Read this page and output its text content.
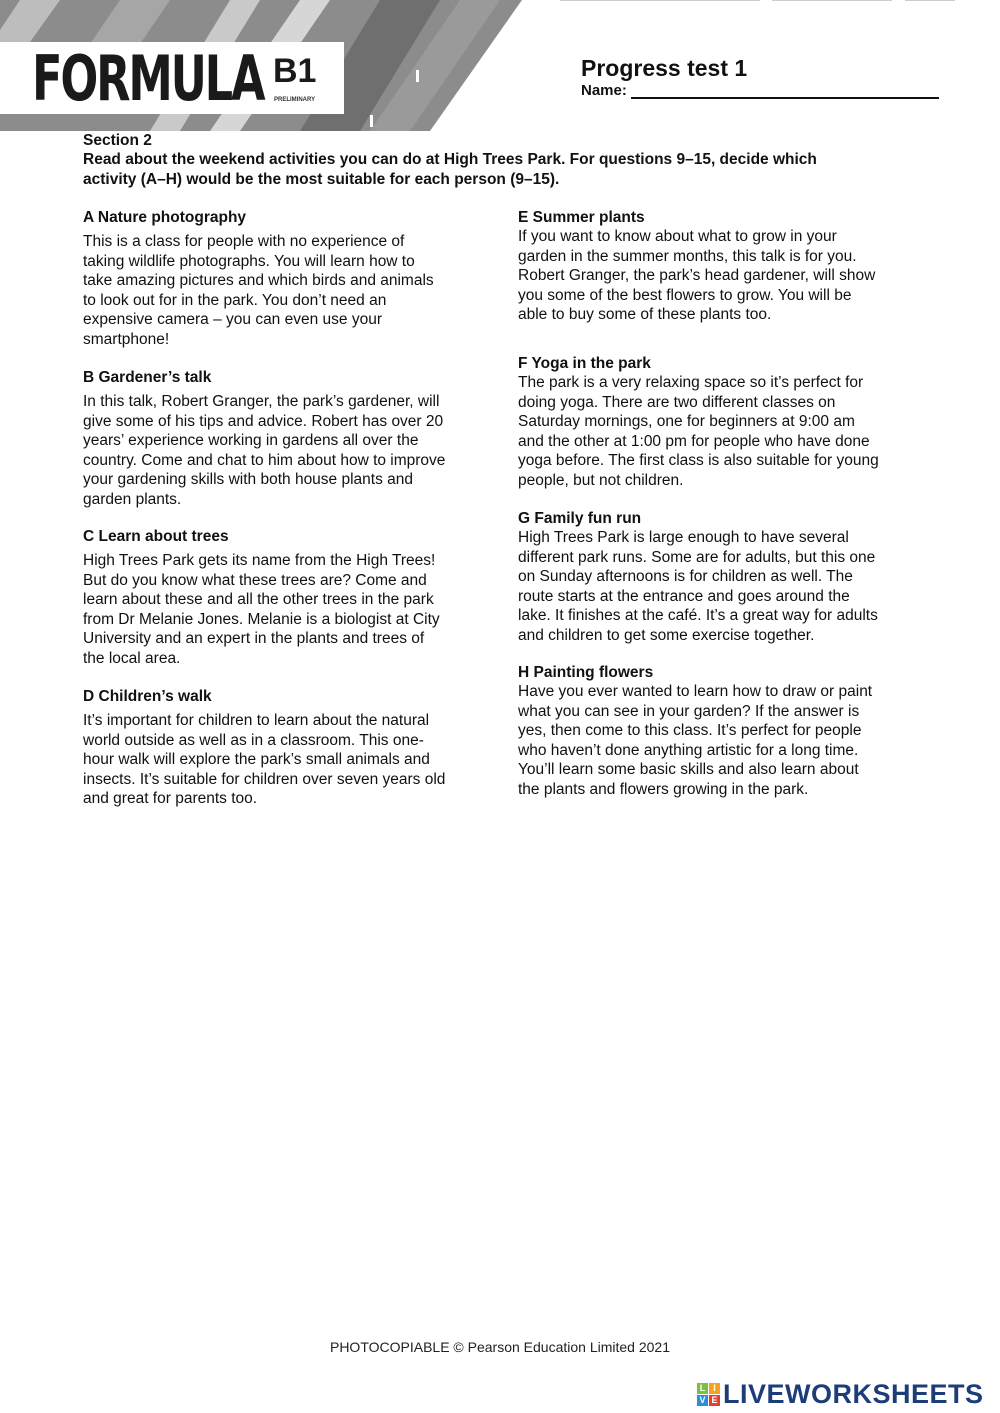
FORMULA B1
PRELIMINARY
Progress test 1
Name:
Section 2
Read about the weekend activities you can do at High Trees Park. For questions 9–15, decide which
activity (A–H) would be the most suitable for each person (9–15).
A Nature photography
This is a class for people with no experience of
taking wildlife photographs. You will learn how to
take amazing pictures and which birds and animals
to look out for in the park. You don’t need an
expensive camera – you can even use your
smartphone!
B Gardener’s talk
In this talk, Robert Granger, the park’s gardener, will
give some of his tips and advice. Robert has over 20
years’ experience working in gardens all over the
country. Come and chat to him about how to improve
your gardening skills with both house plants and
garden plants.
C Learn about trees
High Trees Park gets its name from the High Trees!
But do you know what these trees are? Come and
learn about these and all the other trees in the park
from Dr Melanie Jones. Melanie is a biologist at City
University and an expert in the plants and trees of
the local area.
D Children’s walk
It’s important for children to learn about the natural
world outside as well as in a classroom. This one-
hour walk will explore the park’s small animals and
insects. It’s suitable for children over seven years old
and great for parents too.
E Summer plants
If you want to know about what to grow in your
garden in the summer months, this talk is for you.
Robert Granger, the park’s head gardener, will show
you some of the best flowers to grow. You will be
able to buy some of these plants too.
F Yoga in the park
The park is a very relaxing space so it’s perfect for
doing yoga. There are two different classes on
Saturday mornings, one for beginners at 9:00 am
and the other at 1:00 pm for people who have done
yoga before. The first class is also suitable for young
people, but not children.
G Family fun run
High Trees Park is large enough to have several
different park runs. Some are for adults, but this one
on Sunday afternoons is for children as well. The
route starts at the entrance and goes around the
lake. It finishes at the café. It’s a great way for adults
and children to get some exercise together.
H Painting flowers
Have you ever wanted to learn how to draw or paint
what you can see in your garden? If the answer is
yes, then come to this class. It’s perfect for people
who haven’t done anything artistic for a long time.
You’ll learn some basic skills and also learn about
the plants and flowers growing in the park.
PHOTOCOPIABLE © Pearson Education Limited 2021
L I
V E LIVEWORKSHEETS
